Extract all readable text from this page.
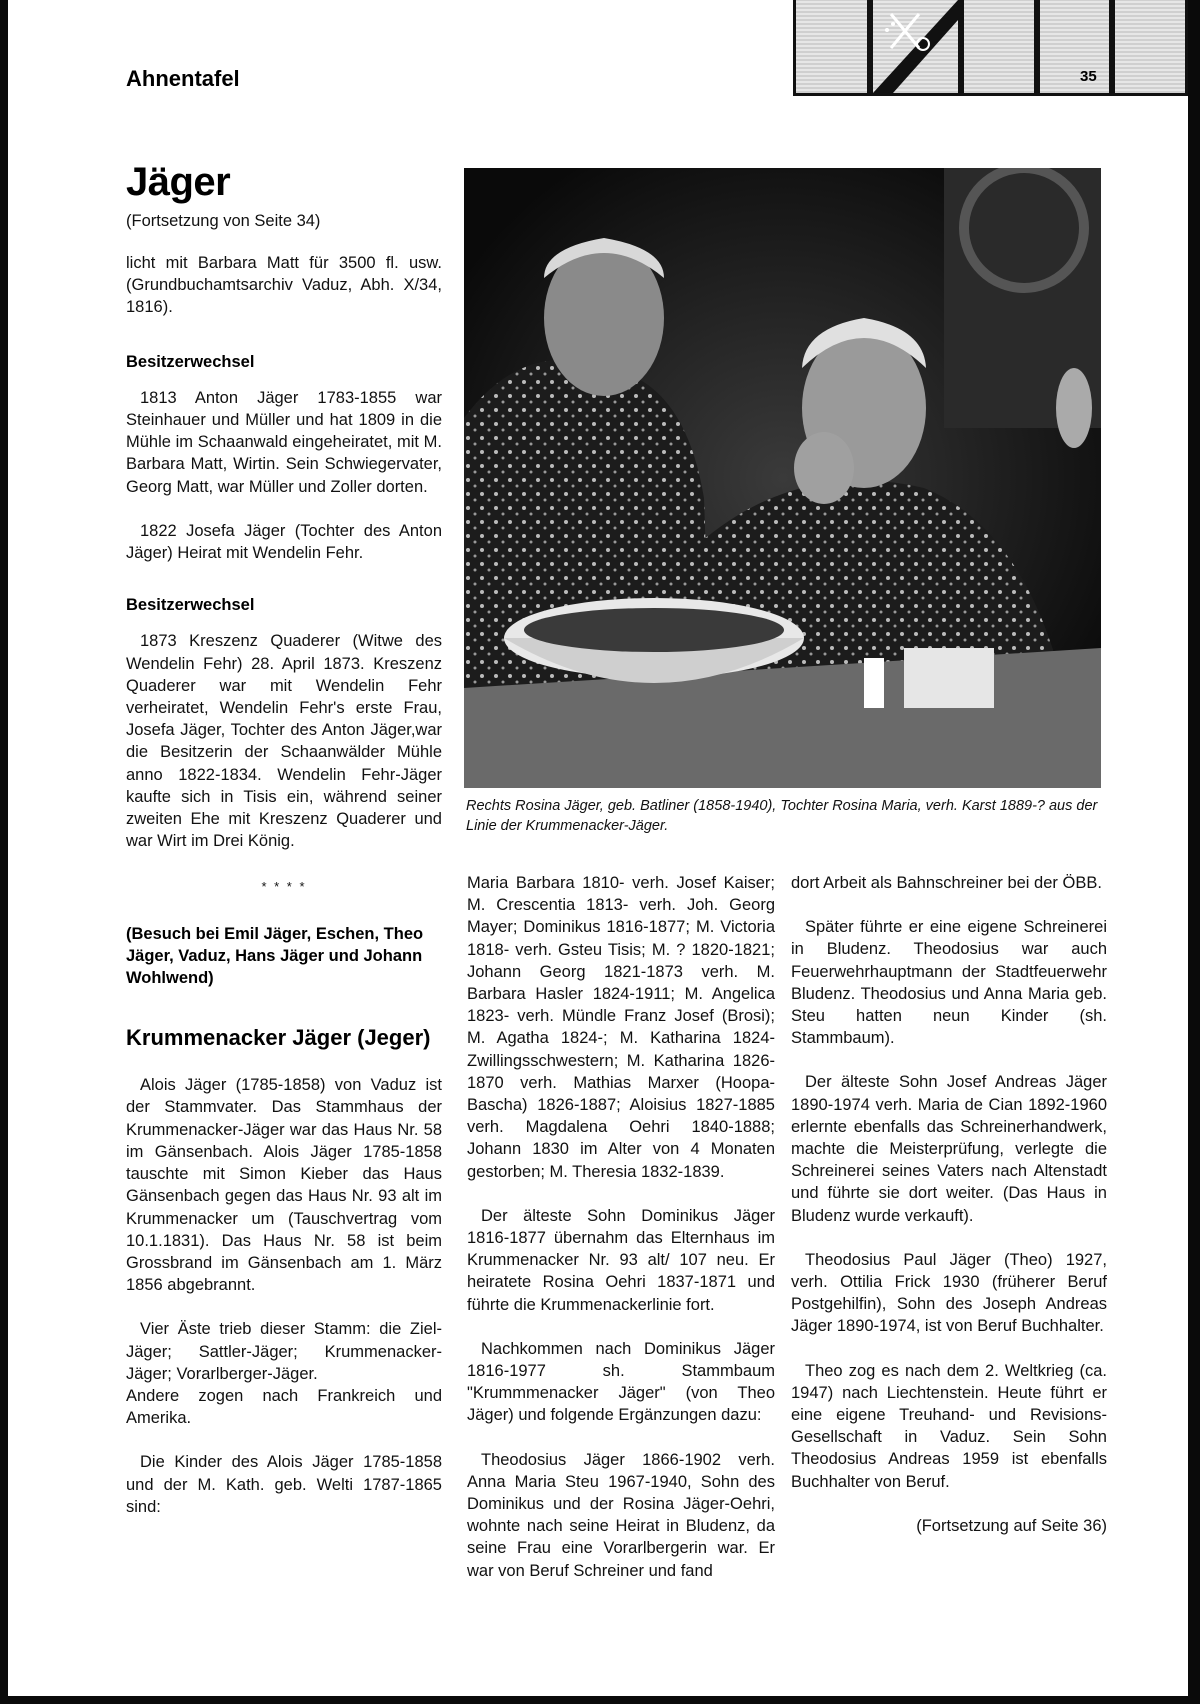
Ahnentafel	35
Jäger
(Fortsetzung von Seite 34)

licht mit Barbara Matt für 3500 fl. usw. (Grundbuchamtsarchiv Vaduz, Abh. X/34, 1816).

Besitzerwechsel

1813 Anton Jäger 1783-1855 war Steinhauer und Müller und hat 1809 in die Mühle im Schaanwald eingeheiratet, mit M. Barbara Matt, Wirtin. Sein Schwiegervater, Georg Matt, war Müller und Zoller dorten.

1822 Josefa Jäger (Tochter des Anton Jäger) Heirat mit Wendelin Fehr.

Besitzerwechsel

1873 Kreszenz Quaderer (Witwe des Wendelin Fehr) 28. April 1873. Kreszenz Quaderer war mit Wendelin Fehr verheiratet, Wendelin Fehr's erste Frau, Josefa Jäger, Tochter des Anton Jäger,war die Besitzerin der Schaanwälder Mühle anno 1822-1834. Wendelin Fehr-Jäger kaufte sich in Tisis ein, während seiner zweiten Ehe mit Kreszenz Quaderer und war Wirt im Drei König.

* * * *

(Besuch bei Emil Jäger, Eschen, Theo Jäger, Vaduz, Hans Jäger und Johann Wohlwend)

Krummenacker Jäger (Jeger)

Alois Jäger (1785-1858) von Vaduz ist der Stammvater. Das Stammhaus der Krummenacker-Jäger war das Haus Nr. 58 im Gänsenbach. Alois Jäger 1785-1858 tauschte mit Simon Kieber das Haus Gänsenbach gegen das Haus Nr. 93 alt im Krummenacker um (Tauschvertrag vom 10.1.1831). Das Haus Nr. 58 ist beim Grossbrand im Gänsenbach am 1. März 1856 abgebrannt.

Vier Äste trieb dieser Stamm: die Ziel-Jäger; Sattler-Jäger; Krummenacker-Jäger; Vorarlberger-Jäger.

Andere zogen nach Frankreich und Amerika.

Die Kinder des Alois Jäger 1785-1858 und der M. Kath. geb. Welti 1787-1865 sind:

Rechts Rosina Jäger, geb. Batliner (1858-1940), Tochter Rosina Maria, verh. Karst 1889-? aus der Linie der Krummenacker-Jäger.

Maria Barbara 1810- verh. Josef Kaiser; M. Crescentia 1813- verh. Joh. Georg Mayer; Dominikus 1816-1877; M. Victoria 1818- verh. Gsteu Tisis; M. ? 1820-1821; Johann Georg 1821-1873 verh. M. Barbara Hasler 1824-1911; M. Angelica 1823- verh. Mündle Franz Josef (Brosi); M. Agatha 1824-; M. Katharina 1824- Zwillingsschwestern; M. Katharina 1826-1870 verh. Mathias Marxer (Hoopa-Bascha) 1826-1887; Aloisius 1827-1885 verh. Magdalena Oehri 1840-1888; Johann 1830 im Alter von 4 Monaten gestorben; M. Theresia 1832-1839.

Der älteste Sohn Dominikus Jäger 1816-1877 übernahm das Elternhaus im Krummenacker Nr. 93 alt/ 107 neu. Er heiratete Rosina Oehri 1837-1871 und führte die Krummenackerlinie fort.

Nachkommen nach Dominikus Jäger 1816-1977 sh. Stammbaum "Krummmenacker Jäger" (von Theo Jäger) und folgende Ergänzungen dazu:

Theodosius Jäger 1866-1902 verh. Anna Maria Steu 1967-1940, Sohn des Dominikus und der Rosina Jäger-Oehri, wohnte nach seine Heirat in Bludenz, da seine Frau eine Vorarlbergerin war. Er war von Beruf Schreiner und fand

dort Arbeit als Bahnschreiner bei der ÖBB.

Später führte er eine eigene Schreinerei in Bludenz. Theodosius war auch Feuerwehrhauptmann der Stadtfeuerwehr Bludenz. Theodosius und Anna Maria geb. Steu hatten neun Kinder (sh. Stammbaum).

Der älteste Sohn Josef Andreas Jäger 1890-1974 verh. Maria de Cian 1892-1960 erlernte ebenfalls das Schreinerhandwerk, machte die Meisterprüfung, verlegte die Schreinerei seines Vaters nach Altenstadt und führte sie dort weiter. (Das Haus in Bludenz wurde verkauft).

Theodosius Paul Jäger (Theo) 1927, verh. Ottilia Frick 1930 (früherer Beruf Postgehilfin), Sohn des Joseph Andreas Jäger 1890-1974, ist von Beruf Buchhalter.

Theo zog es nach dem 2. Weltkrieg (ca. 1947) nach Liechtenstein. Heute führt er eine eigene Treuhand- und Revisions-Gesellschaft in Vaduz. Sein Sohn Theodosius Andreas 1959 ist ebenfalls Buchhalter von Beruf.

(Fortsetzung auf Seite 36)
